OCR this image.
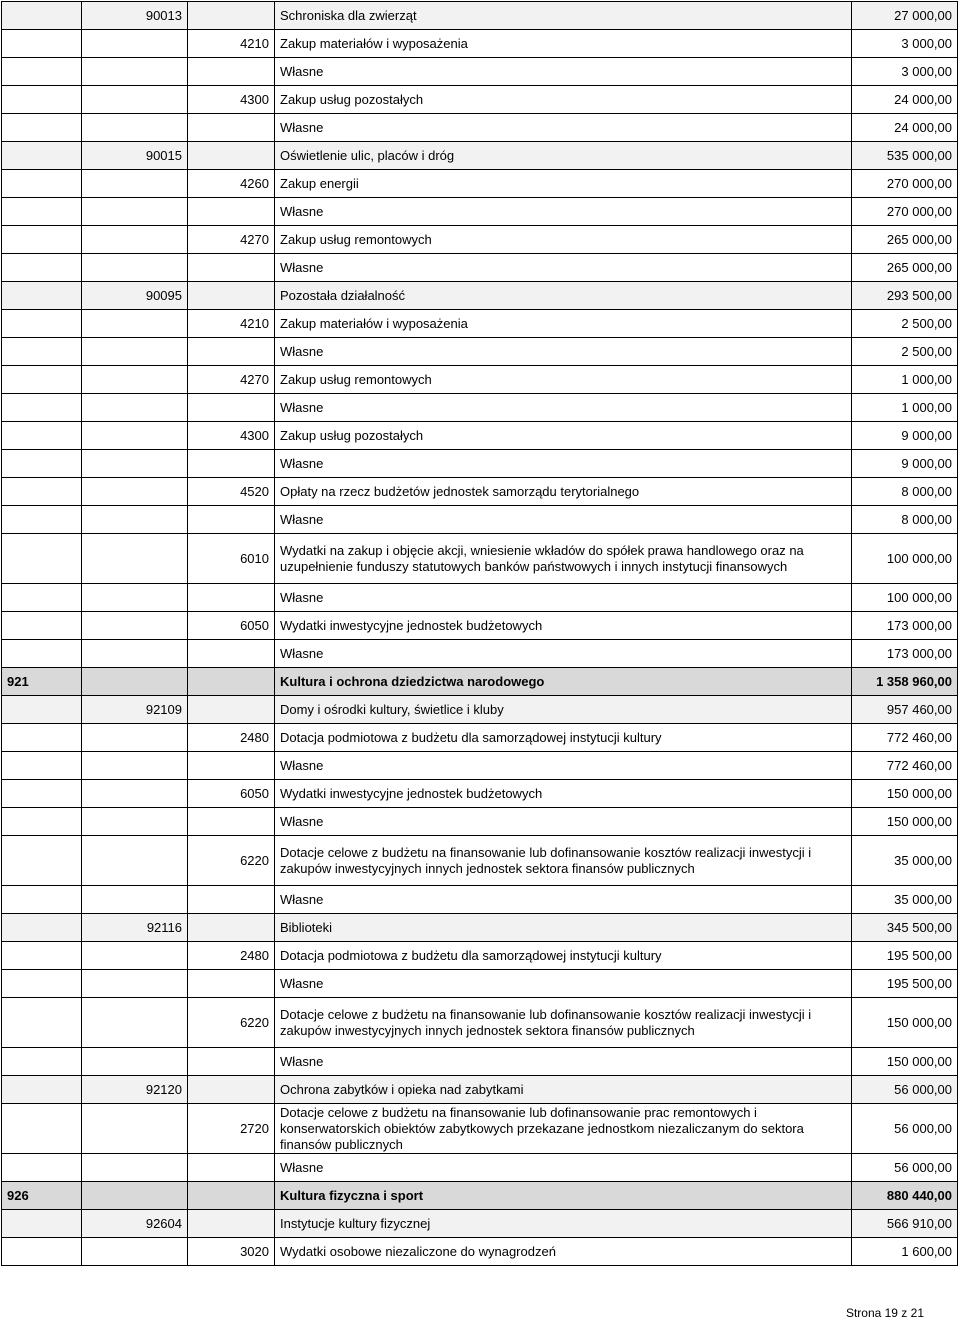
	90013		Schroniska dla zwierząt	27 000,00
		4210	Zakup materiałów i wyposażenia	3 000,00
			Własne	3 000,00
		4300	Zakup usług pozostałych	24 000,00
			Własne	24 000,00
	90015		Oświetlenie ulic, placów i dróg	535 000,00
		4260	Zakup energii	270 000,00
			Własne	270 000,00
		4270	Zakup usług remontowych	265 000,00
			Własne	265 000,00
	90095		Pozostała działalność	293 500,00
		4210	Zakup materiałów i wyposażenia	2 500,00
			Własne	2 500,00
		4270	Zakup usług remontowych	1 000,00
			Własne	1 000,00
		4300	Zakup usług pozostałych	9 000,00
			Własne	9 000,00
		4520	Opłaty na rzecz budżetów jednostek samorządu terytorialnego	8 000,00
			Własne	8 000,00
		6010	Wydatki na zakup i objęcie akcji, wniesienie wkładów do spółek prawa handlowego oraz na uzupełnienie funduszy statutowych banków państwowych i innych instytucji finansowych	100 000,00
			Własne	100 000,00
		6050	Wydatki inwestycyjne jednostek budżetowych	173 000,00
			Własne	173 000,00
921			Kultura i ochrona dziedzictwa narodowego	1 358 960,00
	92109		Domy i ośrodki kultury, świetlice i kluby	957 460,00
		2480	Dotacja podmiotowa z budżetu dla samorządowej instytucji kultury	772 460,00
			Własne	772 460,00
		6050	Wydatki inwestycyjne jednostek budżetowych	150 000,00
			Własne	150 000,00
		6220	Dotacje celowe z budżetu na finansowanie lub dofinansowanie kosztów realizacji inwestycji i zakupów inwestycyjnych innych jednostek sektora finansów publicznych	35 000,00
			Własne	35 000,00
	92116		Biblioteki	345 500,00
		2480	Dotacja podmiotowa z budżetu dla samorządowej instytucji kultury	195 500,00
			Własne	195 500,00
		6220	Dotacje celowe z budżetu na finansowanie lub dofinansowanie kosztów realizacji inwestycji i zakupów inwestycyjnych innych jednostek sektora finansów publicznych	150 000,00
			Własne	150 000,00
	92120		Ochrona zabytków i opieka nad zabytkami	56 000,00
		2720	Dotacje celowe z budżetu na finansowanie lub dofinansowanie prac remontowych i konserwatorskich obiektów zabytkowych przekazane jednostkom niezaliczanym do sektora finansów publicznych	56 000,00
			Własne	56 000,00
926			Kultura fizyczna i sport	880 440,00
	92604		Instytucje kultury fizycznej	566 910,00
		3020	Wydatki osobowe niezaliczone do wynagrodzeń	1 600,00
Strona 19 z 21
